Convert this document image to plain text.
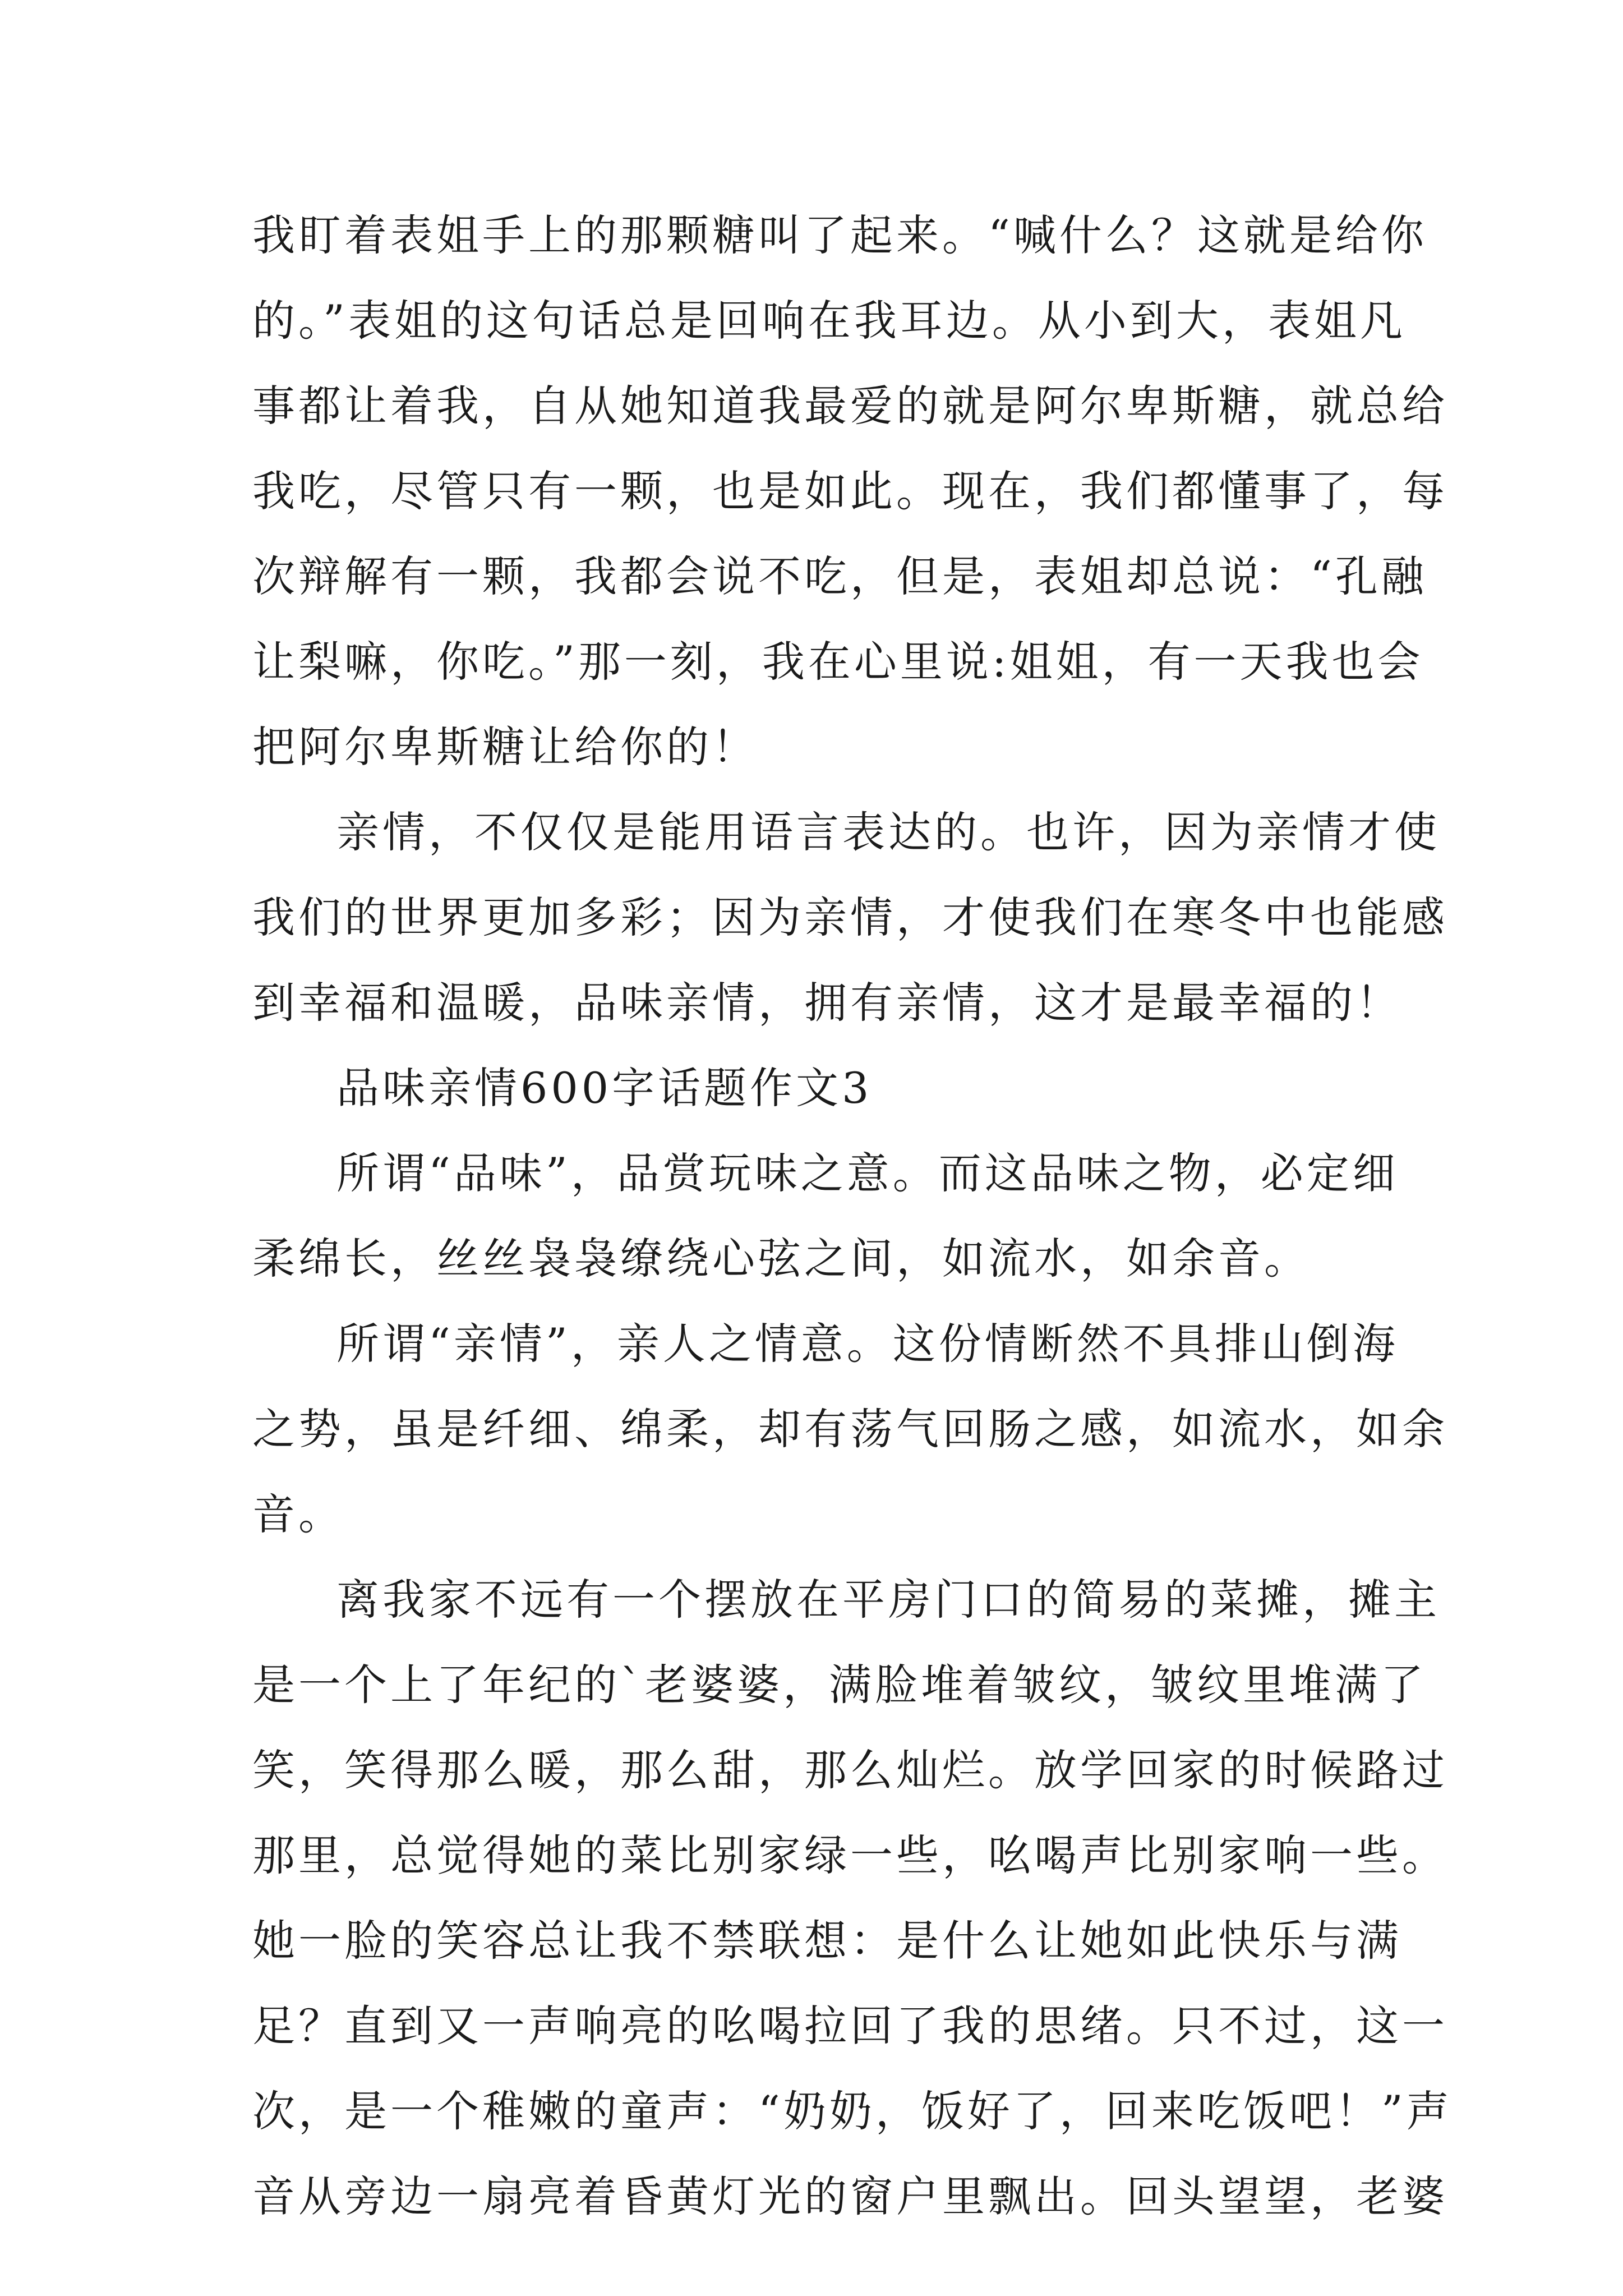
我盯着表姐手上的那颗糖叫了起来。“喊什么？这就是给你
的。”表姐的这句话总是回响在我耳边。从小到大，表姐凡
事都让着我，自从她知道我最爱的就是阿尔卑斯糖，就总给
我吃，尽管只有一颗，也是如此。现在，我们都懂事了，每
次辩解有一颗，我都会说不吃，但是，表姐却总说：“孔融
让梨嘛，你吃。”那一刻，我在心里说:姐姐，有一天我也会
把阿尔卑斯糖让给你的！
亲情，不仅仅是能用语言表达的。也许，因为亲情才使
我们的世界更加多彩；因为亲情，才使我们在寒冬中也能感
到幸福和温暖，品味亲情，拥有亲情，这才是最幸福的！
品味亲情600字话题作文3
所谓“品味”，品赏玩味之意。而这品味之物，必定细
柔绵长，丝丝袅袅缭绕心弦之间，如流水，如余音。
所谓“亲情”，亲人之情意。这份情断然不具排山倒海
之势，虽是纤细、绵柔，却有荡气回肠之感，如流水，如余
音。
离我家不远有一个摆放在平房门口的简易的菜摊，摊主
是一个上了年纪的`老婆婆，满脸堆着皱纹，皱纹里堆满了
笑，笑得那么暖，那么甜，那么灿烂。放学回家的时候路过
那里，总觉得她的菜比别家绿一些，吆喝声比别家响一些。
她一脸的笑容总让我不禁联想：是什么让她如此快乐与满
足？直到又一声响亮的吆喝拉回了我的思绪。只不过，这一
次，是一个稚嫩的童声：“奶奶，饭好了，回来吃饭吧！”声
音从旁边一扇亮着昏黄灯光的窗户里飘出。回头望望，老婆
